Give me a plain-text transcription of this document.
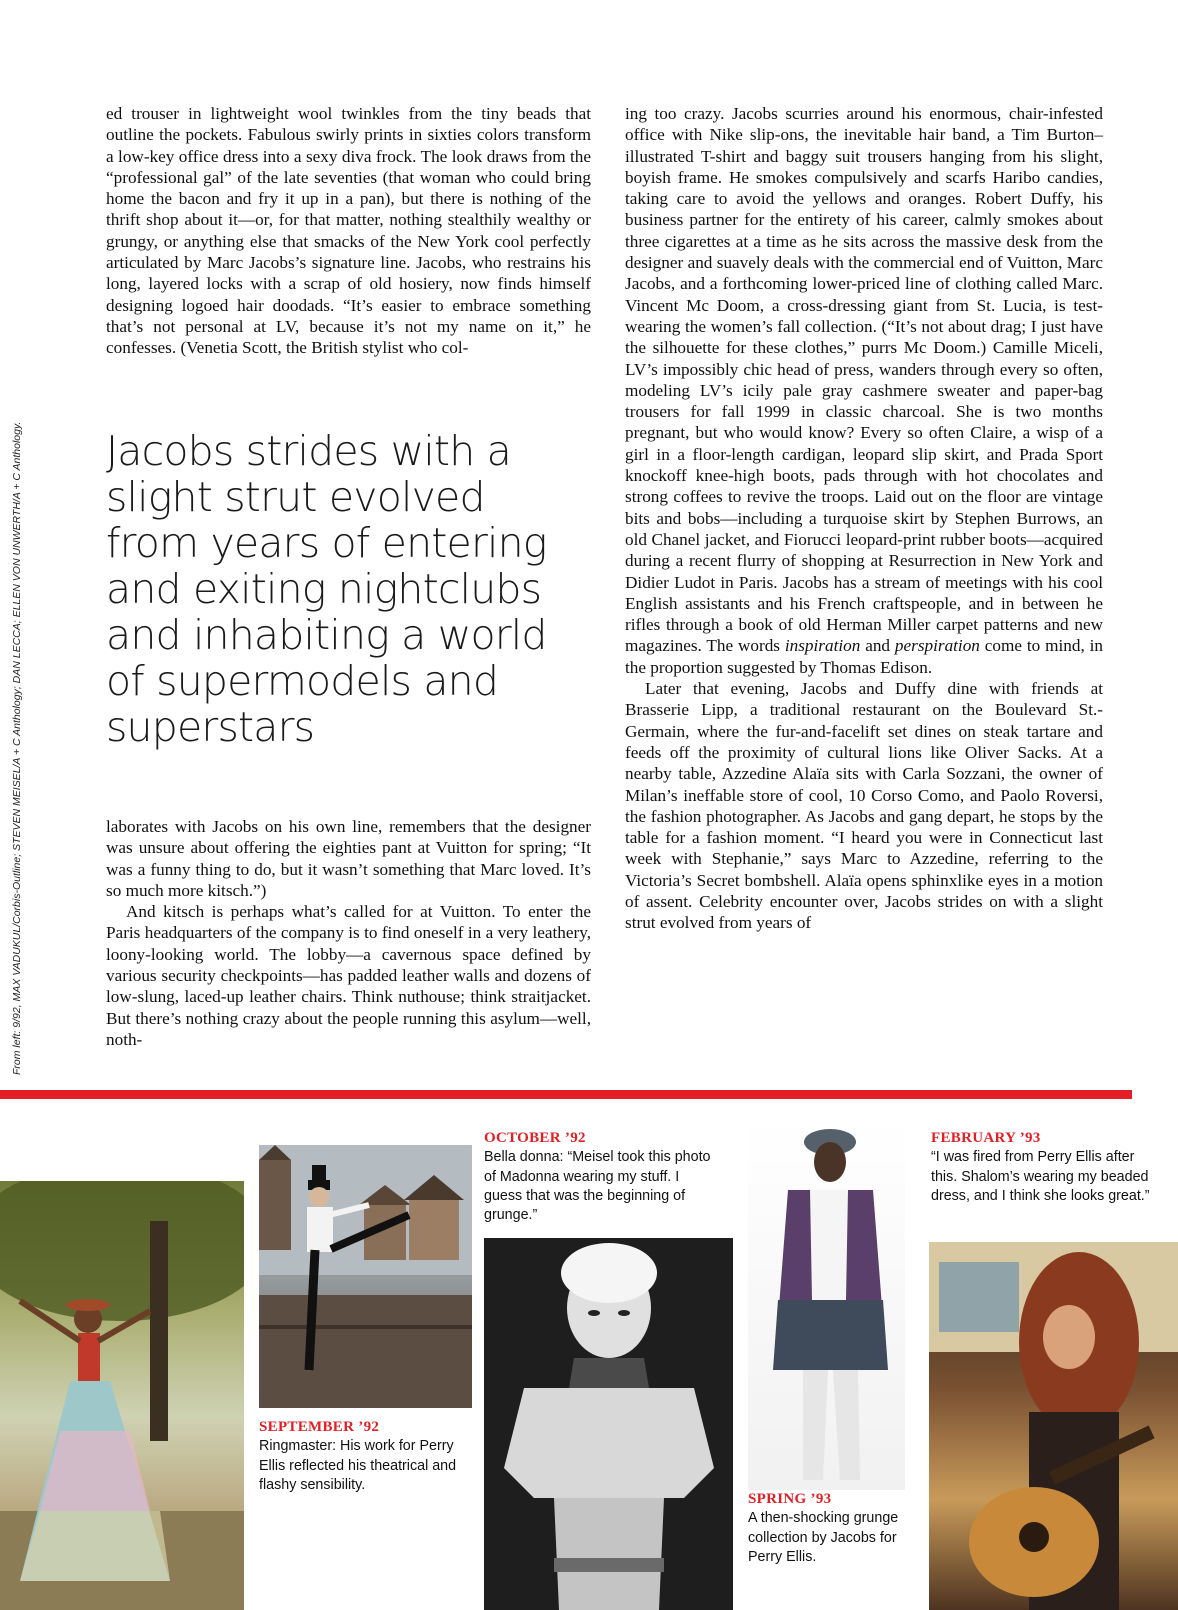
From left: 9/92, MAX VADUKUL/Corbis-Outline; STEVEN MEISEL/A + C Anthology; DAN LECCA; ELLEN VON UNWERTH/A + C Anthology.

ed trouser in lightweight wool twinkles from the tiny beads that outline the pockets. Fabulous swirly prints in sixties colors transform a low-key office dress into a sexy diva frock. The look draws from the “professional gal” of the late seventies (that woman who could bring home the bacon and fry it up in a pan), but there is nothing of the thrift shop about it—or, for that matter, nothing stealthily wealthy or grungy, or anything else that smacks of the New York cool perfectly articulated by Marc Jacobs’s signature line. Jacobs, who restrains his long, layered locks with a scrap of old hosiery, now finds himself designing logoed hair doodads. “It’s easier to embrace something that’s not personal at LV, because it’s not my name on it,” he confesses. (Venetia Scott, the British stylist who col-

Jacobs strides with a slight strut evolved from years of entering and exiting nightclubs and inhabiting a world of supermodels and superstars

laborates with Jacobs on his own line, remembers that the designer was unsure about offering the eighties pant at Vuitton for spring; “It was a funny thing to do, but it wasn’t something that Marc loved. It’s so much more kitsch.”)

And kitsch is perhaps what’s called for at Vuitton. To enter the Paris headquarters of the company is to find oneself in a very leathery, loony-looking world. The lobby—a cavernous space defined by various security checkpoints—has padded leather walls and dozens of low-slung, laced-up leather chairs. Think nuthouse; think straitjacket. But there’s nothing crazy about the people running this asylum—well, noth-

ing too crazy. Jacobs scurries around his enormous, chair-infested office with Nike slip-ons, the inevitable hair band, a Tim Burton–illustrated T-shirt and baggy suit trousers hanging from his slight, boyish frame. He smokes compulsively and scarfs Haribo candies, taking care to avoid the yellows and oranges. Robert Duffy, his business partner for the entirety of his career, calmly smokes about three cigarettes at a time as he sits across the massive desk from the designer and suavely deals with the commercial end of Vuitton, Marc Jacobs, and a forthcoming lower-priced line of clothing called Marc. Vincent Mc Doom, a cross-dressing giant from St. Lucia, is test-wearing the women’s fall collection. (“It’s not about drag; I just have the silhouette for these clothes,” purrs Mc Doom.) Camille Miceli, LV’s impossibly chic head of press, wanders through every so often, modeling LV’s icily pale gray cashmere sweater and paper-bag trousers for fall 1999 in classic charcoal. She is two months pregnant, but who would know? Every so often Claire, a wisp of a girl in a floor-length cardigan, leopard slip skirt, and Prada Sport knockoff knee-high boots, pads through with hot chocolates and strong coffees to revive the troops. Laid out on the floor are vintage bits and bobs—including a turquoise skirt by Stephen Burrows, an old Chanel jacket, and Fiorucci leopard-print rubber boots—acquired during a recent flurry of shopping at Resurrection in New York and Didier Ludot in Paris. Jacobs has a stream of meetings with his cool English assistants and his French craftspeople, and in between he rifles through a book of old Herman Miller carpet patterns and new magazines. The words inspiration and perspiration come to mind, in the proportion suggested by Thomas Edison.

Later that evening, Jacobs and Duffy dine with friends at Brasserie Lipp, a traditional restaurant on the Boulevard St.-Germain, where the fur-and-facelift set dines on steak tartare and feeds off the proximity of cultural lions like Oliver Sacks. At a nearby table, Azzedine Alaïa sits with Carla Sozzani, the owner of Milan’s ineffable store of cool, 10 Corso Como, and Paolo Roversi, the fashion photographer. As Jacobs and gang depart, he stops by the table for a fashion moment. “I heard you were in Connecticut last week with Stephanie,” says Marc to Azzedine, referring to the Victoria’s Secret bombshell. Alaïa opens sphinxlike eyes in a motion of assent. Celebrity encounter over, Jacobs strides on with a slight strut evolved from years of

OCTOBER ’92
Bella donna: “Meisel took this photo of Madonna wearing my stuff. I guess that was the beginning of grunge.”
FEBRUARY ’93
“I was fired from Perry Ellis after this. Shalom’s wearing my beaded dress, and I think she looks great.”
SEPTEMBER ’92
Ringmaster: His work for Perry Ellis reflected his theatrical and flashy sensibility.
SPRING ’93
A then-shocking grunge collection by Jacobs for Perry Ellis.
